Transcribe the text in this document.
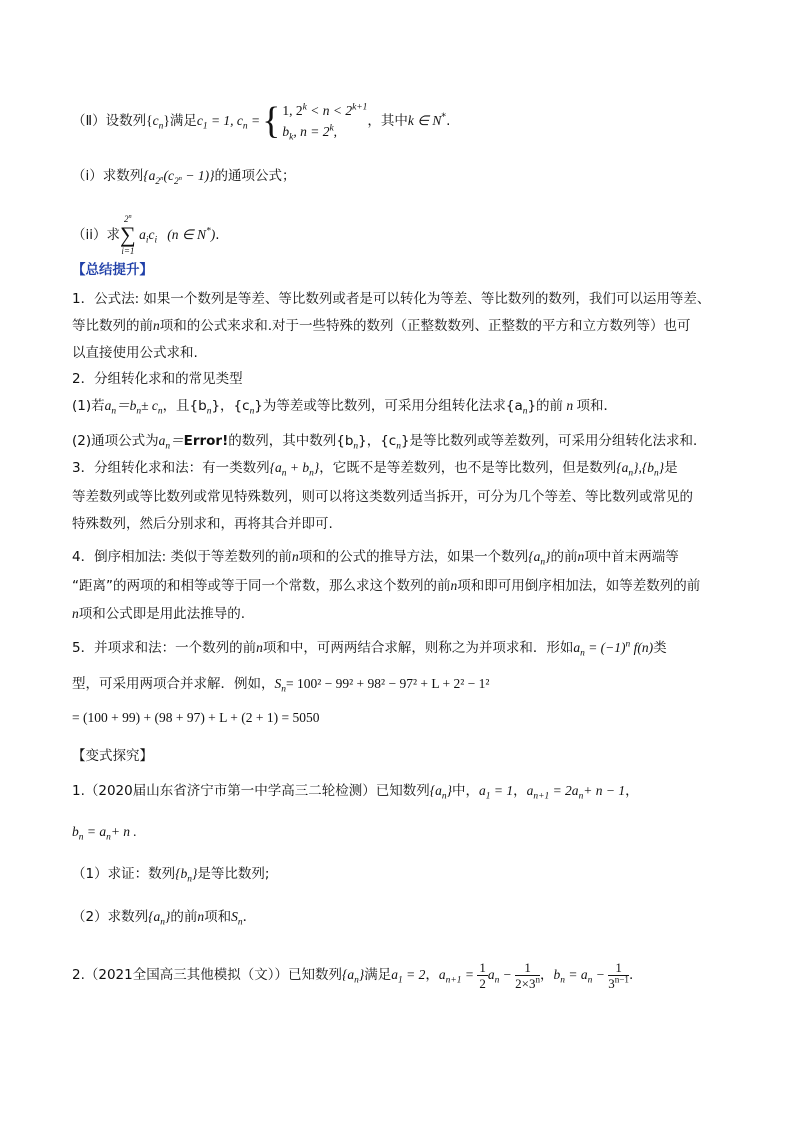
（Ⅱ）设数列$\{c_n\}$满足$c_1 = 1$, $c_n$ ={ 1, $2^k < n < 2^{k+1}$
$b_k$, $n = 2^k$,
，其中k ∈ N*.
（i）求数列$\{a_{2^n}(c_{2^n} - 1)\}$的通项公式；
（ii）求
2$^n$
∑
i=1
$a_ic_i$   (n ∈ N*).
【总结提升】
1．公式法: 如果一个数列是等差、等比数列或者是可以转化为等差、等比数列的数列，我们可以运用等差、
等比数列的前n项和的公式来求和.对于一些特殊的数列（正整数数列、正整数的平方和立方数列等）也可
以直接使用公式求和.
2．分组转化求和的常见类型
(1)若$a_n=b_n\pm c_n$，且$\{b_n\}$，$\{c_n\}$为等差或等比数列，可采用分组转化法求$\{a_n\}$的前 n 项和．
(2)通项公式为$a_n=Error$!的数列，其中数列$\{b_n\}$，$\{c_n\}$是等比数列或等差数列，可采用分组转化法求和．
3．分组转化求和法：有一类数列$\{a_n + b_n\}$，它既不是等差数列，也不是等比数列，但是数列$\{a_n\},\{b_n\}$是
等差数列或等比数列或常见特殊数列，则可以将这类数列适当拆开，可分为几个等差、等比数列或常见的
特殊数列，然后分别求和，再将其合并即可.
4．倒序相加法: 类似于等差数列的前n项和的公式的推导方法，如果一个数列$\{a_n\}$的前n项中首末两端等
“距离”的两项的和相等或等于同一个常数，那么求这个数列的前n项和即可用倒序相加法，如等差数列的前
n项和公式即是用此法推导的.
5．并项求和法：一个数列的前n项和中，可两两结合求解，则称之为并项求和．形如$a_n = (-1)^n$ f(n)类
型，可采用两项合并求解．例如，$S_n= 100^2 - 99^2 + 98^2 - 97^2 + L + 2^2 - 1^2$
= (100 + 99) + (98 + 97) + L + (2 + 1) = 5050
【变式探究】
1.（2020届山东省济宁市第一中学高三二轮检测）已知数列$\{a_n\}$中，$a_1 = 1$，$a_{n+1} = 2a_n+ n - 1$，
$b_n = a_n+ n$ .
（1）求证：数列$\{b_n\}$是等比数列;
（2）求数列$\{a_n\}$的前n项和$S_n$．
2.（2021全国高三其他模拟（文））已知数列$\{a_n\}$满足$a_1 = 2$，$a_{n+1} = \frac{1}{2} a_n - \frac{1}{2\times 3^n}$ ，$b_n = a_n - \frac{1}{3^{n-1}}$ .
